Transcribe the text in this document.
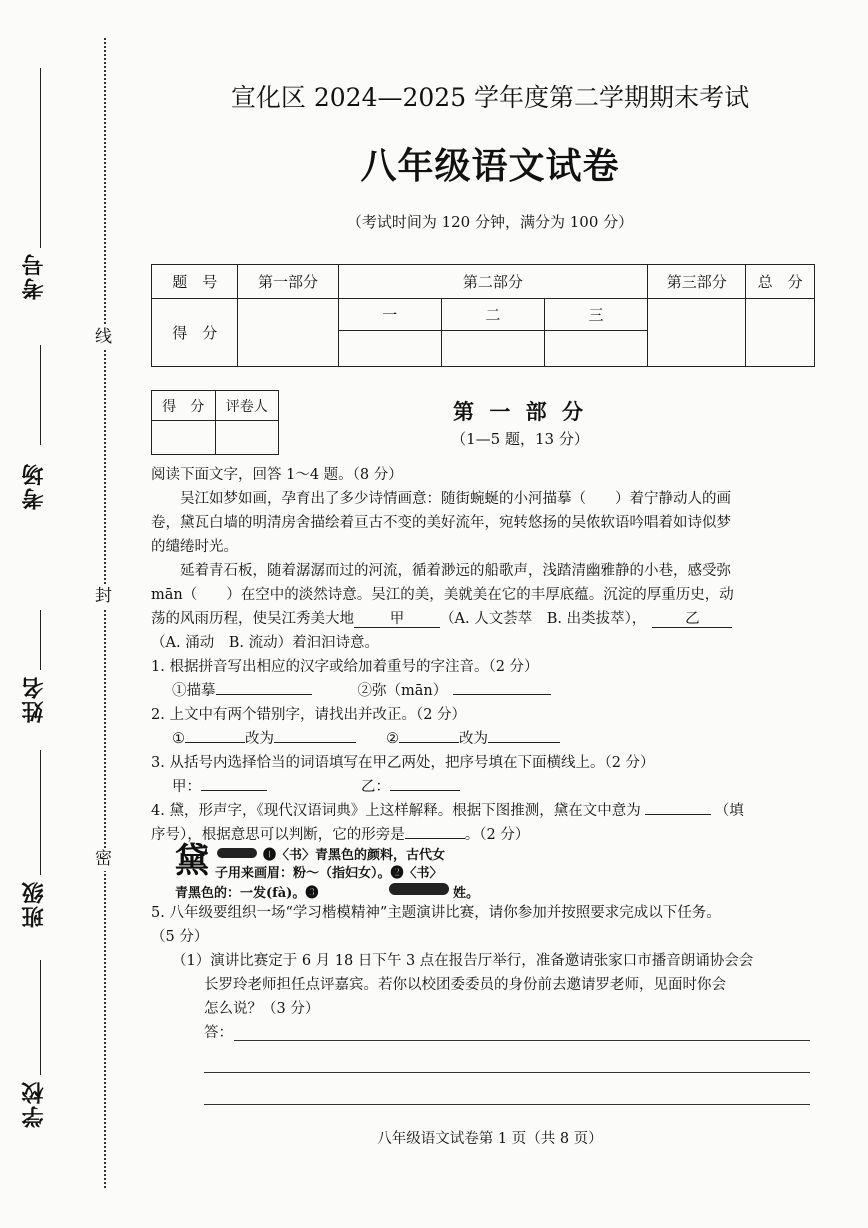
考号
考场
姓名
班级
学校
线
封
密
宣化区 2024—2025 学年度第二学期期末考试
八年级语文试卷
（考试时间为 120 分钟，满分为 100 分）
题　号	第一部分	第二部分			第三部分	总　分
得　分		一	二	三		

得　分	评卷人
		第 一 部 分
（1—5 题，13 分）
阅读下面文字，回答 1～4 题。（8 分）
吴江如梦如画，孕育出了多少诗情画意：随街蜿蜒的小河描摹（　　）着宁静动人的画
卷，黛瓦白墙的明清房舍描绘着亘古不变的美好流年，宛转悠扬的吴侬软语吟唱着如诗似梦
的缱绻时光。
延着青石板，随着潺潺而过的河流，循着渺远的船歌声，浅踏清幽雅静的小巷，感受弥
mān（　　）在空中的淡然诗意。吴江的美，美就美在它的丰厚底蕴。沉淀的厚重历史，动
荡的风雨历程，使吴江秀美大地 甲 （A. 人文荟萃　B. 出类拔萃），	乙
（A. 涌动　B. 流动）着汩汩诗意。
1. 根据拼音写出相应的汉字或给加着重号的字注音。（2 分）
①描摹	②弥（mān）
2. 上文中有两个错别字，请找出并改正。（2 分）
①	改为	②	改为
3. 从括号内选择恰当的词语填写在甲乙两处，把序号填在下面横线上。（2 分）
甲：	乙：
4. 黛，形声字，《现代汉语词典》上这样解释。根据下图推测，黛在文中意为	（填
序号），根据意思可以判断，它的形旁是	。（2 分）
黛	❶〈书〉青黑色的颜料，古代女
子用来画眉：粉～（指妇女）。❷〈书〉
青黑色的：一发(fà)。❸	姓。
5. 八年级要组织一场“学习楷模精神”主题演讲比赛，请你参加并按照要求完成以下任务。
（5 分）
（1）演讲比赛定于 6 月 18 日下午 3 点在报告厅举行，准备邀请张家口市播音朗诵协会会
长罗玲老师担任点评嘉宾。若你以校团委委员的身份前去邀请罗老师，见面时你会
怎么说？（3 分）
答：
八年级语文试卷第 1 页（共 8 页）
